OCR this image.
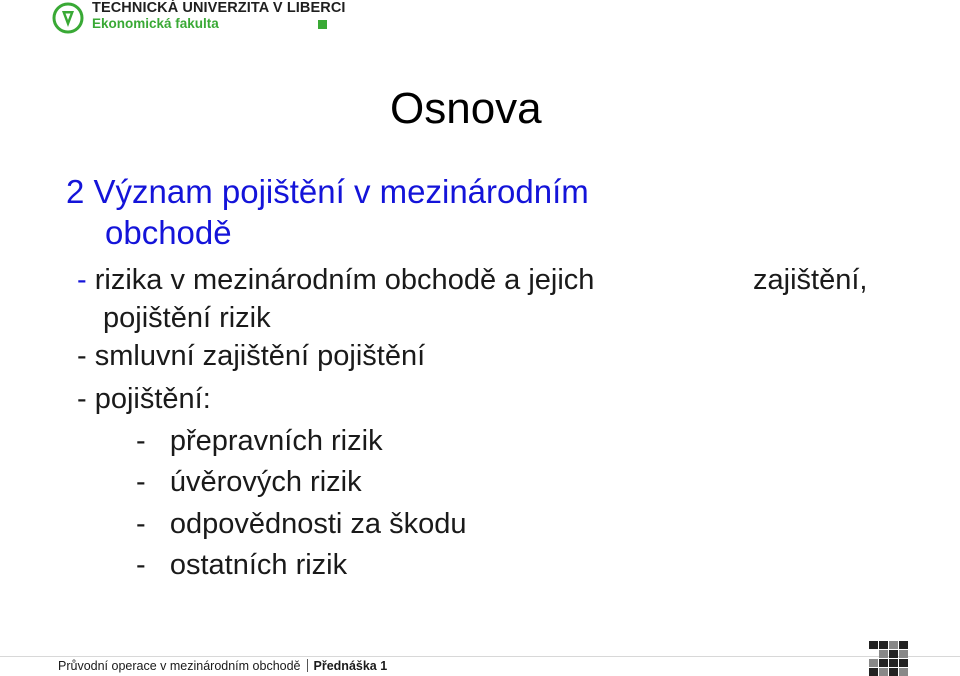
TECHNICKÁ UNIVERZITA V LIBERCI
Ekonomická fakulta
Osnova
2 Význam pojištění v mezinárodním
obchodě
- rizika v mezinárodním obchodě a jejich	zajištění,
pojištění rizik
- smluvní zajištění pojištění
- pojištění:
-   přepravních rizik
-   úvěrových rizik
-   odpovědnosti za škodu
-   ostatních rizik
Průvodní operace v mezinárodním obchodě Přednáška 1
